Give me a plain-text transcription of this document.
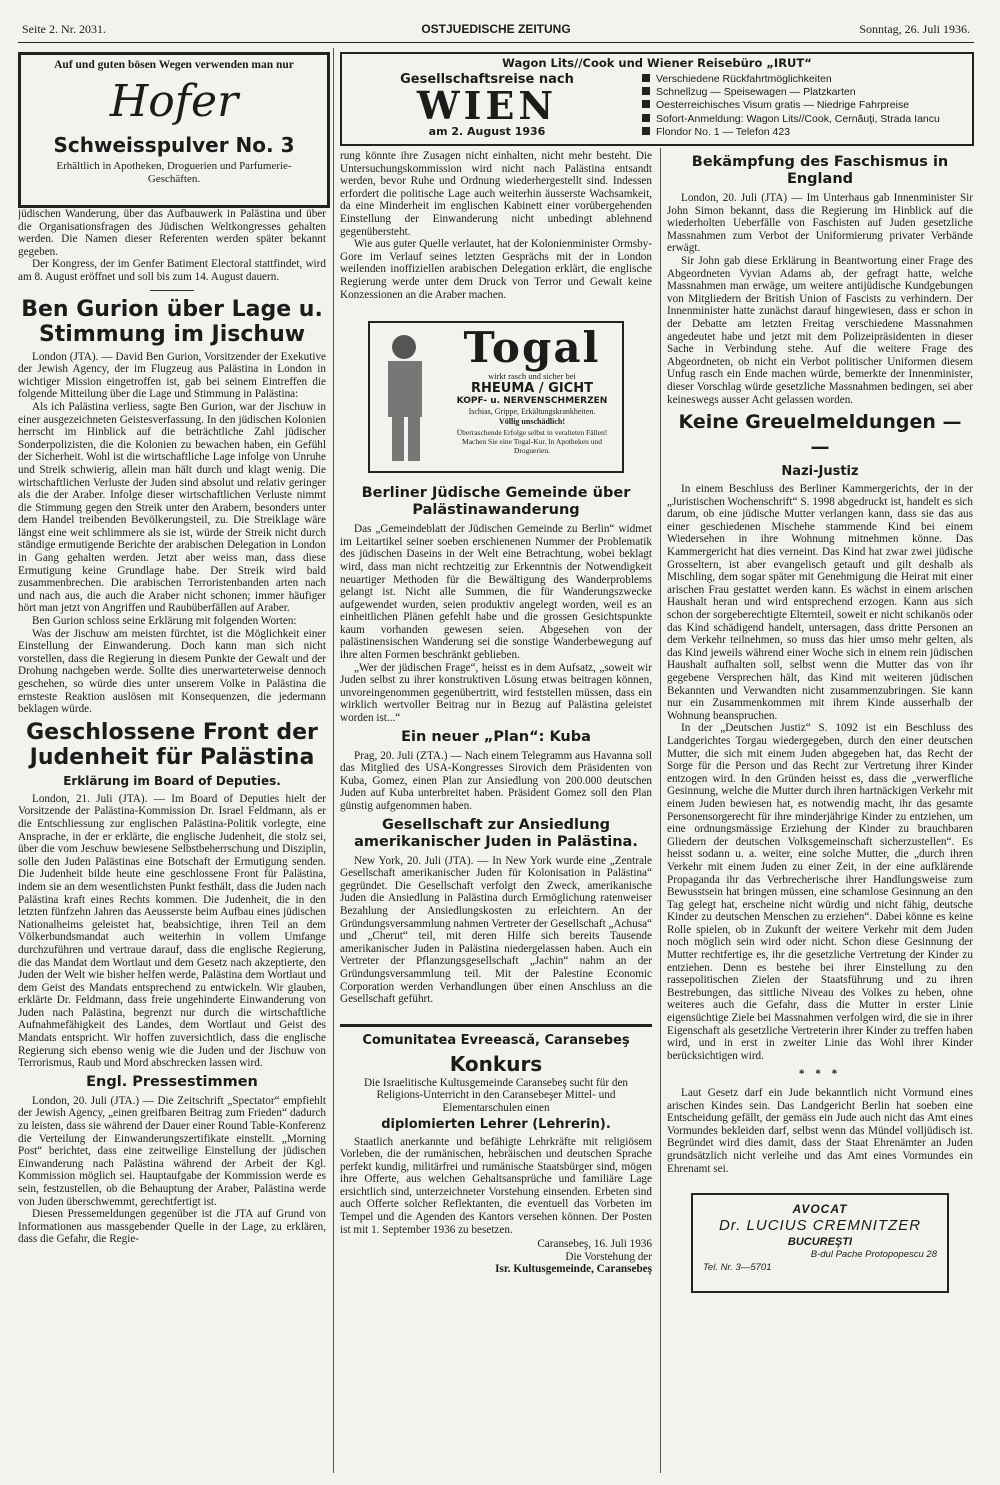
Seite 2. Nr. 2031.	OSTJUEDISCHE ZEITUNG	Sonntag, 26. Juli 1936.
Auf und guten bösen Wegen verwenden man nur
Hofer
Schweisspulver No. 3
Erhältlich in Apotheken, Droguerien und Parfumerie-Geschäften.
Wagon Lits//Cook und Wiener Reisebüro „IRUT“
Gesellschaftsreise nach
WIEN
am 2. August 1936
Verschiedene Rückfahrtmöglichkeiten
Schnellzug — Speisewagen — Platzkarten
Oesterreichisches Visum gratis — Niedrige Fahrpreise
Sofort-Anmeldung: Wagon Lits//Cook, Cernăuţi, Strada Iancu
Flondor No. 1 — Telefon 423

jüdischen Wanderung, über das Aufbauwerk in Palästina und über die Organisationsfragen des Jüdischen Weltkongresses gehalten werden. Die Namen dieser Referenten werden später bekannt gegeben.

Der Kongress, der im Genfer Batiment Electoral stattfindet, wird am 8. August eröffnet und soll bis zum 14. August dauern.

Ben Gurion über Lage u. Stimmung im Jischuw

London (JTA). — David Ben Gurion, Vorsitzender der Exekutive der Jewish Agency, der im Flugzeug aus Palästina in London in wichtiger Mission eingetroffen ist, gab bei seinem Eintreffen die folgende Mitteilung über die Lage und Stimmung in Palästina:

Als ich Palästina verliess, sagte Ben Gurion, war der Jischuw in einer ausgezeichneten Geistesverfassung. In den jüdischen Kolonien herrscht im Hinblick auf die beträchtliche Zahl jüdischer Sonderpolizisten, die die Kolonien zu bewachen haben, ein Gefühl der Sicherheit. Wohl ist die wirtschaftliche Lage infolge von Unruhe und Streik schwierig, allein man hält durch und klagt wenig. Die wirtschaftlichen Verluste der Juden sind absolut und relativ geringer als die der Araber. Infolge dieser wirtschaftlichen Verluste nimmt die Stimmung gegen den Streik unter den Arabern, besonders unter dem Handel treibenden Bevölkerungsteil, zu. Die Streiklage wäre längst eine weit schlimmere als sie ist, würde der Streik nicht durch ständige ermutigende Berichte der arabischen Delegation in London in Gang gehalten werden. Jetzt aber weiss man, dass diese Ermutigung keine Grundlage habe. Der Streik wird bald zusammenbrechen. Die arabischen Terroristenbanden arten nach und nach aus, die auch die Araber nicht schonen; immer häufiger hört man jetzt von Angriffen und Raubüberfällen auf Araber.

Ben Gurion schloss seine Erklärung mit folgenden Worten:

Was der Jischuw am meisten fürchtet, ist die Möglichkeit einer Einstellung der Einwanderung. Doch kann man sich nicht vorstellen, dass die Regierung in diesem Punkte der Gewalt und der Drohung nachgeben werde. Sollte dies unerwarteterweise dennoch geschehen, so würde dies unter unserem Volke in Palästina die ernsteste Reaktion auslösen mit Konsequenzen, die jedermann beklagen würde.

Geschlossene Front der Judenheit für Palästina
Erklärung im Board of Deputies.

London, 21. Juli (JTA). — Im Board of Deputies hielt der Vorsitzende der Palästina-Kommission Dr. Israel Feldmann, als er die Entschliessung zur englischen Palästina-Politik vorlegte, eine Ansprache, in der er erklärte, die englische Judenheit, die stolz sei, über die vom Jeschuw bewiesene Selbstbeherrschung und Disziplin, solle den Juden Palästinas eine Botschaft der Ermutigung senden. Die Judenheit bilde heute eine geschlossene Front für Palästina, indem sie an dem wesentlichsten Punkt festhält, dass die Juden nach Palästina kraft eines Rechts kommen. Die Judenheit, die in den letzten fünfzehn Jahren das Aeusserste beim Aufbau eines jüdischen Nationalheims geleistet hat, beabsichtige, ihren Teil an dem Völkerbundsmandat auch weiterhin in vollem Umfange durchzuführen und vertraue darauf, dass die englische Regierung, die das Mandat dem Wortlaut und dem Gesetz nach akzeptierte, den Juden der Welt wie bisher helfen werde, Palästina dem Wortlaut und dem Geist des Mandats entsprechend zu entwickeln. Wir glauben, erklärte Dr. Feldmann, dass freie ungehinderte Einwanderung von Juden nach Palästina, begrenzt nur durch die wirtschaftliche Aufnahmefähigkeit des Landes, dem Wortlaut und Geist des Mandats entspricht. Wir hoffen zuversichtlich, dass die englische Regierung sich ebenso wenig wie die Juden und der Jischuw von Terrorismus, Raub und Mord abschrecken lassen wird.

Engl. Pressestimmen

London, 20. Juli (JTA.) — Die Zeitschrift „Spectator“ empfiehlt der Jewish Agency, „einen greifbaren Beitrag zum Frieden“ dadurch zu leisten, dass sie während der Dauer einer Round Table-Konferenz die Verteilung der Einwanderungszertifikate einstellt. „Morning Post“ berichtet, dass eine zeitweilige Einstellung der jüdischen Einwanderung nach Palästina während der Arbeit der Kgl. Kommission möglich sei. Hauptaufgabe der Kommission werde es sein, festzustellen, ob die Behauptung der Araber, Palästina werde von Juden überschwemmt, gerechtfertigt ist.

Diesen Pressemeldungen gegenüber ist die JTA auf Grund von Informationen aus massgebender Quelle in der Lage, zu erklären, dass die Gefahr, die Regie-

rung könnte ihre Zusagen nicht einhalten, nicht mehr besteht. Die Untersuchungskommission wird nicht nach Palästina entsandt werden, bevor Ruhe und Ordnung wiederhergestellt sind. Indessen erfordert die politische Lage auch weiterhin äusserste Wachsamkeit, da eine Minderheit im englischen Kabinett einer vorübergehenden Einstellung der Einwanderung nicht unbedingt ablehnend gegenübersteht.

Wie aus guter Quelle verlautet, hat der Kolonienminister Ormsby-Gore im Verlauf seines letzten Gesprächs mit der in London weilenden inoffiziellen arabischen Delegation erklärt, die englische Regierung werde unter dem Druck von Terror und Gewalt keine Konzessionen an die Araber machen.

Togal
wirkt rasch und sicher bei
RHEUMA / GICHT
KOPF- u. NERVENSCHMERZEN
Ischias, Grippe, Erkältungskrankheiten.
Völlig unschädlich!
Überraschende Erfolge selbst in veralteten Fällen! Machen Sie eine Togal-Kur. In Apotheken und Droguerien.
Berliner Jüdische Gemeinde über Palästinawanderung

Das „Gemeindeblatt der Jüdischen Gemeinde zu Berlin“ widmet im Leitartikel seiner soeben erschienenen Nummer der Problematik des jüdischen Daseins in der Welt eine Betrachtung, wobei beklagt wird, dass man nicht rechtzeitig zur Erkenntnis der Notwendigkeit neuartiger Methoden für die Bewältigung des Wanderproblems gelangt ist. Nicht alle Summen, die für Wanderungszwecke aufgewendet wurden, seien produktiv angelegt worden, weil es an einheitlichen Plänen gefehlt habe und die grossen Gesichtspunkte kaum vorhanden gewesen seien. Abgesehen von der palästinensischen Wanderung sei die sonstige Wanderbewegung auf ihre alten Formen beschränkt geblieben.

„Wer der jüdischen Frage“, heisst es in dem Aufsatz, „soweit wir Juden selbst zu ihrer konstruktiven Lösung etwas beitragen können, unvoreingenommen gegenübertritt, wird feststellen müssen, dass ein wirklich wertvoller Beitrag nur in Bezug auf Palästina geleistet worden ist...“

Ein neuer „Plan“: Kuba

Prag, 20. Juli (ZTA.) — Nach einem Telegramm aus Havanna soll das Mitglied des USA-Kongresses Sirovich dem Präsidenten von Kuba, Gomez, einen Plan zur Ansiedlung von 200.000 deutschen Juden auf Kuba unterbreitet haben. Präsident Gomez soll den Plan günstig aufgenommen haben.

Gesellschaft zur Ansiedlung amerikanischer Juden in Palästina.

New York, 20. Juli (JTA). — In New York wurde eine „Zentrale Gesellschaft amerikanischer Juden für Kolonisation in Palästina“ gegründet. Die Gesellschaft verfolgt den Zweck, amerikanische Juden die Ansiedlung in Palästina durch Ermöglichung ratenweiser Bezahlung der Ansiedlungskosten zu erleichtern. An der Gründungsversammlung nahmen Vertreter der Gesellschaft „Achusa“ und „Cherut“ teil, mit deren Hilfe sich bereits Tausende amerikanischer Juden in Palästina niedergelassen haben. Auch ein Vertreter der Pflanzungsgesellschaft „Jachin“ nahm an der Gründungsversammlung teil. Mit der Palestine Economic Corporation werden Verhandlungen über einen Anschluss an die Gesellschaft geführt.

Comunitatea Evreească, Caransebeş
Konkurs

Die Israelitische Kultusgemeinde Caransebeş sucht für den Religions-Unterricht in den Caransebeşer Mittel- und Elementarschulen einen

diplomierten Lehrer (Lehrerin).

Staatlich anerkannte und befähigte Lehrkräfte mit religiösem Vorleben, die der rumänischen, hebräischen und deutschen Sprache perfekt kundig, militärfrei und rumänische Staatsbürger sind, mögen ihre Offerte, aus welchen Gehaltsansprüche und familiäre Lage ersichtlich sind, unterzeichneter Vorstehung einsenden. Erbeten sind auch Offerte solcher Reflektanten, die eventuell das Vorbeten im Tempel und die Agenden des Kantors versehen können. Der Posten ist mit 1. September 1936 zu besetzen.

Caransebeş, 16. Juli 1936

Die Vorstehung der

Isr. Kultusgemeinde, Caransebeş

Bekämpfung des Faschismus in England

London, 20. Juli (JTA) — Im Unterhaus gab Innenminister Sir John Simon bekannt, dass die Regierung im Hinblick auf die wiederholten Ueberfälle von Faschisten auf Juden gesetzliche Massnahmen zum Verbot der Uniformierung privater Verbände erwägt.

Sir John gab diese Erklärung in Beantwortung einer Frage des Abgeordneten Vyvian Adams ab, der gefragt hatte, welche Massnahmen man erwäge, um weitere antijüdische Kundgebungen von Mitgliedern der British Union of Fascists zu verhindern. Der Innenminister hatte zunächst darauf hingewiesen, dass er schon in der Debatte am letzten Freitag verschiedene Massnahmen angedeutet habe und jetzt mit dem Polizeipräsidenten in dieser Sache in Verbindung stehe. Auf die weitere Frage des Abgeordneten, ob nicht ein Verbot politischer Uniformen diesem Unfug rasch ein Ende machen würde, bemerkte der Innenminister, dieser Vorschlag würde gesetzliche Massnahmen bedingen, sei aber keineswegs ausser Acht gelassen worden.

Keine Greuelmeldungen — —
Nazi-Justiz

In einem Beschluss des Berliner Kammergerichts, der in der „Juristischen Wochenschrift“ S. 1998 abgedruckt ist, handelt es sich darum, ob eine jüdische Mutter verlangen kann, dass sie das aus einer geschiedenen Mischehe stammende Kind bei einem Wiedersehen in ihre Wohnung mitnehmen könne. Das Kammergericht hat dies verneint. Das Kind hat zwar zwei jüdische Grosseltern, ist aber evangelisch getauft und gilt deshalb als Mischling, dem sogar später mit Genehmigung die Heirat mit einer arischen Frau gestattet werden kann. Es wächst in einem arischen Haushalt heran und wird entsprechend erzogen. Kann aus sich schon der sorgeberechtigte Elternteil, soweit er nicht schikanös oder das Kind schädigend handelt, untersagen, dass dritte Personen an dem Verkehr teilnehmen, so muss das hier umso mehr gelten, als das Kind jeweils während einer Woche sich in einem rein jüdischen Haushalt aufhalten soll, selbst wenn die Mutter das von ihr gegebene Versprechen hält, das Kind mit weiteren jüdischen Bekannten und Verwandten nicht zusammenzubringen. Sie kann nur ein Zusammenkommen mit ihrem Kinde ausserhalb der Wohnung beanspruchen.

In der „Deutschen Justiz“ S. 1092 ist ein Beschluss des Landgerichtes Torgau wiedergegeben, durch den einer deutschen Mutter, die sich mit einem Juden abgegeben hat, das Recht der Sorge für die Person und das Recht zur Vertretung ihrer Kinder entzogen wird. In den Gründen heisst es, dass die „verwerfliche Gesinnung, welche die Mutter durch ihren hartnäckigen Verkehr mit einem Juden bewiesen hat, es notwendig macht, ihr das gesamte Personensorgerecht für ihre minderjährige Kinder zu entziehen, um eine ordnungsmässige Erziehung der Kinder zu brauchbaren Gliedern der deutschen Volksgemeinschaft sicherzustellen“. Es heisst sodann u. a. weiter, eine solche Mutter, die „durch ihren Verkehr mit einem Juden zu einer Zeit, in der eine aufklärende Propaganda ihr das Verbrecherische ihrer Handlungsweise zum Bewusstsein hat bringen müssen, eine schamlose Gesinnung an den Tag gelegt hat, erscheine nicht würdig und nicht fähig, deutsche Kinder zu deutschen Menschen zu erziehen“. Dabei könne es keine Rolle spielen, ob in Zukunft der weitere Verkehr mit dem Juden noch möglich sein wird oder nicht. Schon diese Gesinnung der Mutter rechtfertige es, ihr die gesetzliche Vertretung der Kinder zu entziehen. Denn es bestehe bei ihrer Einstellung zu den rassepolitischen Zielen der Staatsführung und zu ihren Bestrebungen, das sittliche Niveau des Volkes zu heben, ohne weiteres auch die Gefahr, dass die Mutter in erster Linie eigensüchtige Ziele bei Massnahmen verfolgen wird, die sie in ihrer Eigenschaft als gesetzliche Vertreterin ihrer Kinder zu treffen haben wird, und in erst in zweiter Linie das Wohl ihrer Kinder berücksichtigen wird.

* * *

Laut Gesetz darf ein Jude bekanntlich nicht Vormund eines arischen Kindes sein. Das Landgericht Berlin hat soeben eine Entscheidung gefällt, der gemäss ein Jude auch nicht das Amt eines Vormundes bekleiden darf, selbst wenn das Mündel volljüdisch ist. Begründet wird dies damit, dass der Staat Ehrenämter an Juden grundsätzlich nicht verleihe und das Amt eines Vormundes ein Ehrenamt sei.

AVOCAT
Dr. LUCIUS CREMNITZER
BUCUREŞTI
B-dul Pache Protopopescu 28
Tel. Nr. 3—5701
